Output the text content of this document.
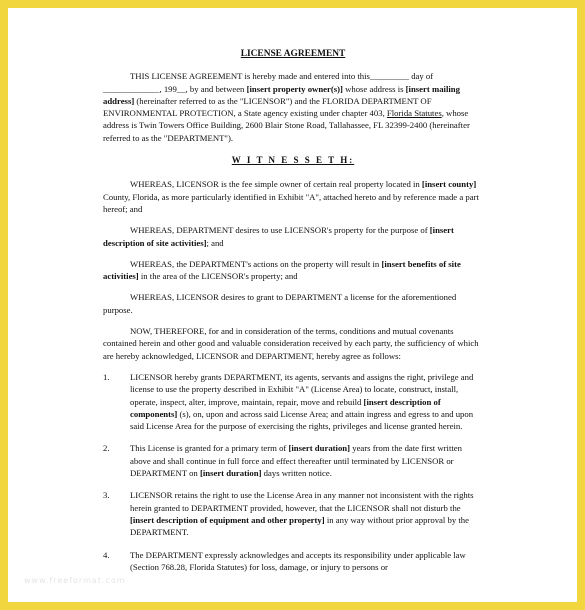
LICENSE AGREEMENT

THIS LICENSE AGREEMENT is hereby made and entered into this_________ day of _____________, 199__, by and between [insert property owner(s)] whose address is [insert mailing address] (hereinafter referred to as the "LICENSOR") and the FLORIDA DEPARTMENT OF ENVIRONMENTAL PROTECTION, a State agency existing under chapter 403, Florida Statutes, whose address is Twin Towers Office Building, 2600 Blair Stone Road, Tallahassee, FL 32399-2400 (hereinafter referred to as the "DEPARTMENT").

W I T N E S S E T H:

WHEREAS, LICENSOR is the fee simple owner of certain real property located in [insert county] County, Florida, as more particularly identified in Exhibit "A", attached hereto and by reference made a part hereof; and

WHEREAS, DEPARTMENT desires to use LICENSOR's property for the purpose of [insert description of site activities]; and

WHEREAS, the DEPARTMENT's actions on the property will result in [insert benefits of site activities] in the area of the LICENSOR's property; and

WHEREAS, LICENSOR desires to grant to DEPARTMENT a license for the aforementioned purpose.

NOW, THEREFORE, for and in consideration of the terms, conditions and mutual covenants contained herein and other good and valuable consideration received by each party, the sufficiency of which are hereby acknowledged, LICENSOR and DEPARTMENT, hereby agree as follows:

1. LICENSOR hereby grants DEPARTMENT, its agents, servants and assigns the right, privilege and license to use the property described in Exhibit "A" (License Area) to locate, construct, install, operate, inspect, alter, improve, maintain, repair, move and rebuild [insert description of components] (s), on, upon and across said License Area; and attain ingress and egress to and upon said License Area for the purpose of exercising the rights, privileges and license granted herein.
2. This License is granted for a primary term of [insert duration] years from the date first written above and shall continue in full force and effect thereafter until terminated by LICENSOR or DEPARTMENT on [insert duration] days written notice.
3. LICENSOR retains the right to use the License Area in any manner not inconsistent with the rights herein granted to DEPARTMENT provided, however, that the LICENSOR shall not disturb the [insert description of equipment and other property] in any way without prior approval by the DEPARTMENT.
4. The DEPARTMENT expressly acknowledges and accepts its responsibility under applicable law (Section 768.28, Florida Statutes) for loss, damage, or injury to persons or
www.freeformat.com
